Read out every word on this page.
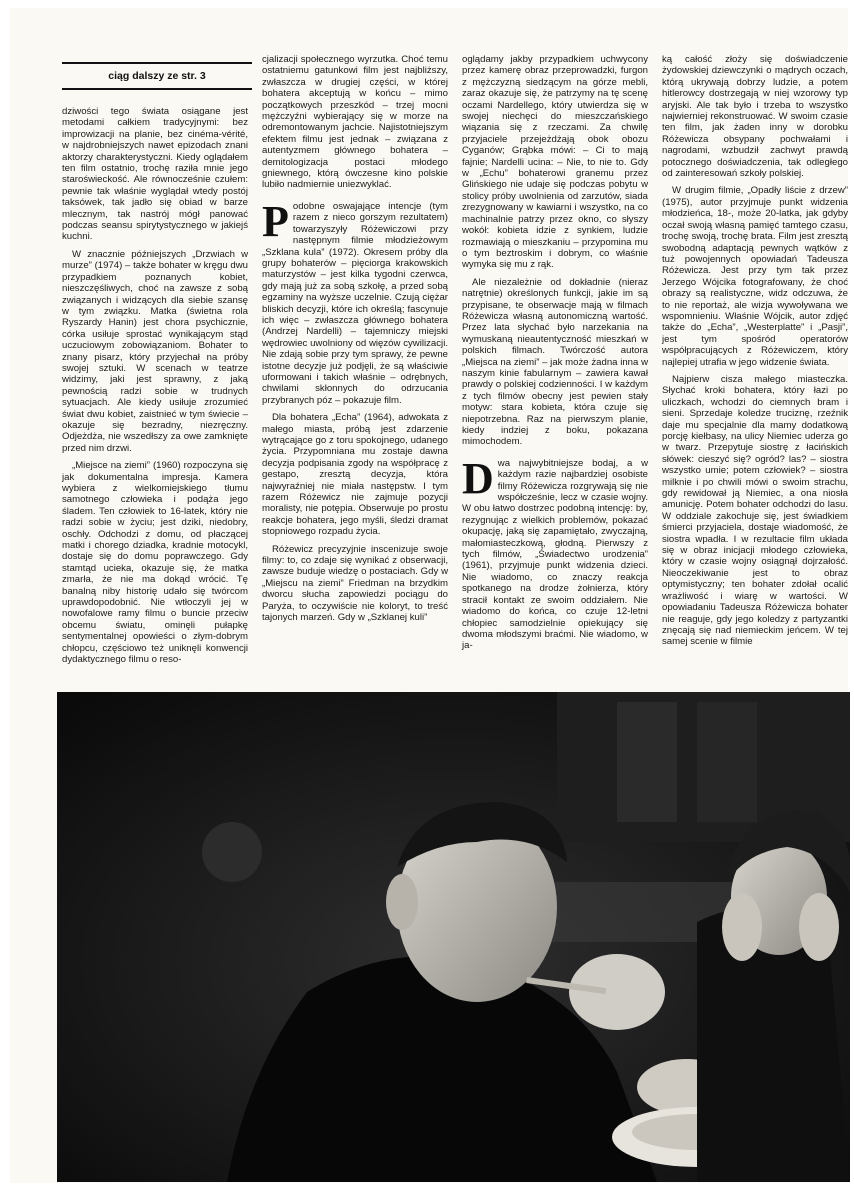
ciąg dalszy ze str. 3

dziwości tego świata osiągane jest metodami całkiem tradycyjnymi: bez improwizacji na planie, bez cinéma-vérité, w najdrobniejszych nawet epizodach znani aktorzy charakterystyczni. Kiedy oglądałem ten film ostatnio, trochę raziła mnie jego staroświeckość. Ale równocześnie czułem: pewnie tak właśnie wyglądał wtedy postój taksówek, tak jadło się obiad w barze mlecznym, tak nastrój mógł panować podczas seansu spirytystycznego w jakiejś kuchni.

W znacznie późniejszych „Drzwiach w murze” (1974) – także bohater w kręgu dwu przypadkiem poznanych kobiet, nieszczęśliwych, choć na zawsze z sobą związanych i widzących dla siebie szansę w tym związku. Matka (świetna rola Ryszardy Hanin) jest chora psychicznie, córka usiłuje sprostać wynikającym stąd uczuciowym zobowiązaniom. Bohater to znany pisarz, który przyjechał na próby swojej sztuki. W scenach w teatrze widzimy, jaki jest sprawny, z jaką pewnością radzi sobie w trudnych sytuacjach. Ale kiedy usiłuje zrozumieć świat dwu kobiet, zaistnieć w tym świecie – okazuje się bezradny, niezręczny. Odjeżdża, nie wszedłszy za owe zamknięte przed nim drzwi.

„Miejsce na ziemi” (1960) rozpoczyna się jak dokumentalna impresja. Kamera wybiera z wielkomiejskiego tłumu samotnego człowieka i podąża jego śladem. Ten człowiek to 16-latek, który nie radzi sobie w życiu; jest dziki, niedobry, oschły. Odchodzi z domu, od płaczącej matki i chorego dziadka, kradnie motocykl, dostaje się do domu poprawczego. Gdy stamtąd ucieka, okazuje się, że matka zmarła, że nie ma dokąd wrócić. Tę banalną niby historię udało się twórcom uprawdopodobnić. Nie wtłoczyli jej w nowofalowe ramy filmu o buncie przeciw obcemu światu, ominęli pułapkę sentymentalnej opowieści o złym-dobrym chłopcu, częściowo też uniknęli konwencji dydaktycznego filmu o reso-

cjalizacji społecznego wyrzutka. Choć temu ostatniemu gatunkowi film jest najbliższy, zwłaszcza w drugiej części, w której bohatera akceptują w końcu – mimo początkowych przeszkód – trzej mocni mężczyźni wybierający się w morze na odremontowanym jachcie. Najistotniejszym efektem filmu jest jednak – związana z autentyzmem głównego bohatera – demitologizacja postaci młodego gniewnego, którą ówczesne kino polskie lubiło nadmiernie uniezwyklać.

Podobne oswajające intencje (tym razem z nieco gorszym rezultatem) towarzyszyły Różewiczowi przy następnym filmie młodzieżowym „Szklana kula” (1972). Okresem próby dla grupy bohaterów – pięciorga krakowskich maturzystów – jest kilka tygodni czerwca, gdy mają już za sobą szkołę, a przed sobą egzaminy na wyższe uczelnie. Czują ciężar bliskich decyzji, które ich określą; fascynuje ich więc – zwłaszcza głównego bohatera (Andrzej Nardelli) – tajemniczy miejski wędrowiec uwolniony od więzów cywilizacji. Nie zdają sobie przy tym sprawy, że pewne istotne decyzje już podjęli, że są właściwie uformowani i takich właśnie – odrębnych, chwilami skłonnych do odrzucania przybranych póz – pokazuje film.

Dla bohatera „Echa” (1964), adwokata z małego miasta, próbą jest zdarzenie wytrącające go z toru spokojnego, udanego życia. Przypomniana mu zostaje dawna decyzja podpisania zgody na współpracę z gestapo, zresztą decyzja, która najwyraźniej nie miała następstw. I tym razem Różewicz nie zajmuje pozycji moralisty, nie potępia. Obserwuje po prostu reakcje bohatera, jego myśli, śledzi dramat stopniowego rozpadu życia.

Różewicz precyzyjnie inscenizuje swoje filmy: to, co zdaje się wynikać z obserwacji, zawsze buduje wiedzę o postaciach. Gdy w „Miejscu na ziemi” Friedman na brzydkim dworcu słucha zapowiedzi pociągu do Paryża, to oczywiście nie koloryt, to treść tajonych marzeń. Gdy w „Szklanej kuli”

oglądamy jakby przypadkiem uchwycony przez kamerę obraz przeprowadzki, furgon z mężczyzną siedzącym na górze mebli, zaraz okazuje się, że patrzymy na tę scenę oczami Nardellego, który utwierdza się w swojej niechęci do mieszczańskiego wiązania się z rzeczami. Za chwilę przyjaciele przejeżdżają obok obozu Cyganów; Grąbka mówi: – Ci to mają fajnie; Nardelli ucina: – Nie, to nie to. Gdy w „Echu” bohaterowi granemu przez Glińskiego nie udaje się podczas pobytu w stolicy próby uwolnienia od zarzutów, siada zrezygnowany w kawiarni i wszystko, na co machinalnie patrzy przez okno, co słyszy wokół: kobieta idzie z synkiem, ludzie rozmawiają o mieszkaniu – przypomina mu o tym beztroskim i dobrym, co właśnie wymyka się mu z rąk.

Ale niezależnie od dokładnie (nieraz natrętnie) określonych funkcji, jakie im są przypisane, te obserwacje mają w filmach Różewicza własną autonomiczną wartość. Przez lata słychać było narzekania na wymuskaną nieautentyczność mieszkań w polskich filmach. Twórczość autora „Miejsca na ziemi” – jak może żadna inna w naszym kinie fabularnym – zawiera kawał prawdy o polskiej codzienności. I w każdym z tych filmów obecny jest pewien stały motyw: stara kobieta, która czuje się niepotrzebna. Raz na pierwszym planie, kiedy indziej z boku, pokazana mimochodem.

Dwa najwybitniejsze bodaj, a w każdym razie najbardziej osobiste filmy Różewicza rozgrywają się nie współcześnie, lecz w czasie wojny. W obu łatwo dostrzec podobną intencję: by, rezygnując z wielkich problemów, pokazać okupację, jaką się zapamiętało, zwyczajną, małomiasteczkową, głodną. Pierwszy z tych filmów, „Świadectwo urodzenia” (1961), przyjmuje punkt widzenia dzieci. Nie wiadomo, co znaczy reakcja spotkanego na drodze żołnierza, który stracił kontakt ze swoim oddziałem. Nie wiadomo do końca, co czuje 12-letni chłopiec samodzielnie opiekujący się dwoma młodszymi braćmi. Nie wiadomo, w ja-

ką całość złoży się doświadczenie żydowskiej dziewczynki o mądrych oczach, którą ukrywają dobrzy ludzie, a potem hitlerowcy dostrzegają w niej wzorowy typ aryjski. Ale tak było i trzeba to wszystko najwierniej rekonstruować. W swoim czasie ten film, jak żaden inny w dorobku Różewicza obsypany pochwałami i nagrodami, wzbudził zachwyt prawdą potocznego doświadczenia, tak odległego od zainteresowań szkoły polskiej.

W drugim filmie, „Opadły liście z drzew” (1975), autor przyjmuje punkt widzenia młodzieńca, 18-, może 20-latka, jak gdyby oczał swoją własną pamięć tamtego czasu, trochę swoją, trochę brata. Film jest zresztą swobodną adaptacją pewnych wątków z tuż powojennych opowiadań Tadeusza Różewicza. Jest przy tym tak przez Jerzego Wójcika fotografowany, że choć obrazy są realistyczne, widz odczuwa, że to nie reportaż, ale wizja wywoływana we wspomnieniu. Właśnie Wójcik, autor zdjęć także do „Echa”, „Westerplatte” i „Pasji”, jest tym spośród operatorów współpracujących z Różewiczem, który najlepiej utrafia w jego widzenie świata.

Najpierw cisza małego miasteczka. Słychać kroki bohatera, który łazi po uliczkach, wchodzi do ciemnych bram i sieni. Sprzedaje koledze truciznę, rzeźnik daje mu specjalnie dla mamy dodatkową porcję kiełbasy, na ulicy Niemiec uderza go w twarz. Przepytuje siostrę z łacińskich słówek: cieszyć się? ogród? las? – siostra wszystko umie; potem człowiek? – siostra milknie i po chwili mówi o swoim strachu, gdy rewidował ją Niemiec, a ona niosła amunicję. Potem bohater odchodzi do lasu. W oddziale zakochuje się, jest świadkiem śmierci przyjaciela, dostaje wiadomość, że siostra wpadła. I w rezultacie film układa się w obraz inicjacji młodego człowieka, który w czasie wojny osiągnął dojrzałość. Nieoczekiwanie jest to obraz optymistyczny; ten bohater zdołał ocalić wrażliwość i wiarę w wartości. W opowiadaniu Tadeusza Różewicza bohater nie reaguje, gdy jego koledzy z partyzantki znęcają się nad niemieckim jeńcem. W tej samej scenie w filmie
